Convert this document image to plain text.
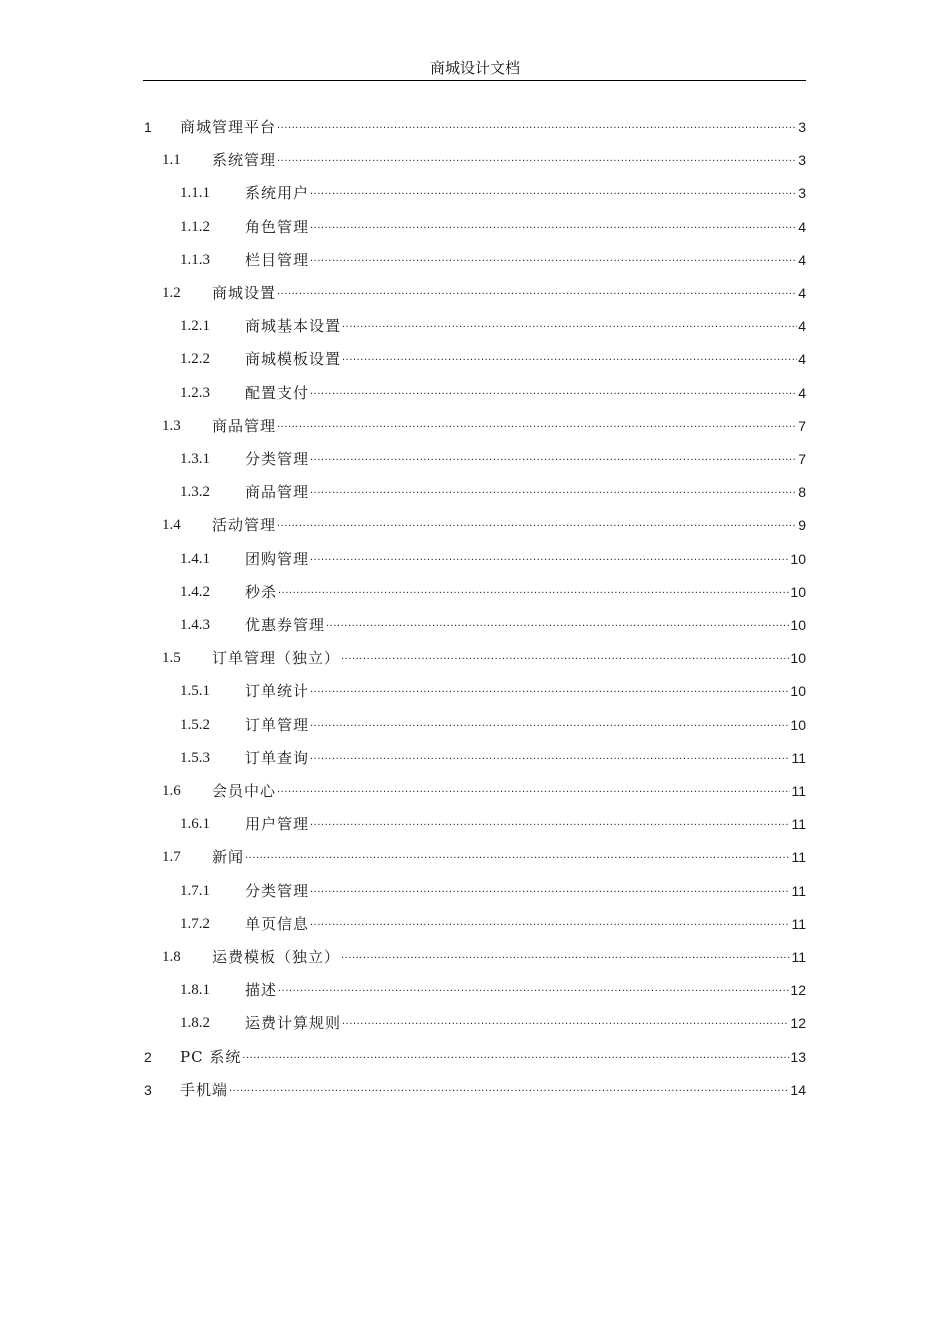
商城设计文档
1	商城管理平台 .....	3
1.1	系统管理 .....	3
1.1.1	系统用户 .....	3
1.1.2	角色管理 .....	4
1.1.3	栏目管理 .....	4
1.2	商城设置 .....	4
1.2.1	商城基本设置 .....	4
1.2.2	商城模板设置 .....	4
1.2.3	配置支付 .....	4
1.3	商品管理 .....	7
1.3.1	分类管理 .....	7
1.3.2	商品管理 .....	8
1.4	活动管理 .....	9
1.4.1	团购管理 .....	10
1.4.2	秒杀 .....	10
1.4.3	优惠券管理 .....	10
1.5	订单管理（独立） .....	10
1.5.1	订单统计 .....	10
1.5.2	订单管理 .....	10
1.5.3	订单查询 .....	11
1.6	会员中心 .....	11
1.6.1	用户管理 .....	11
1.7	新闻 .....	11
1.7.1	分类管理 .....	11
1.7.2	单页信息 .....	11
1.8	运费模板（独立） .....	11
1.8.1	描述 .....	12
1.8.2	运费计算规则 .....	12
2	PC 系统 .....	13
3	手机端 .....	14
